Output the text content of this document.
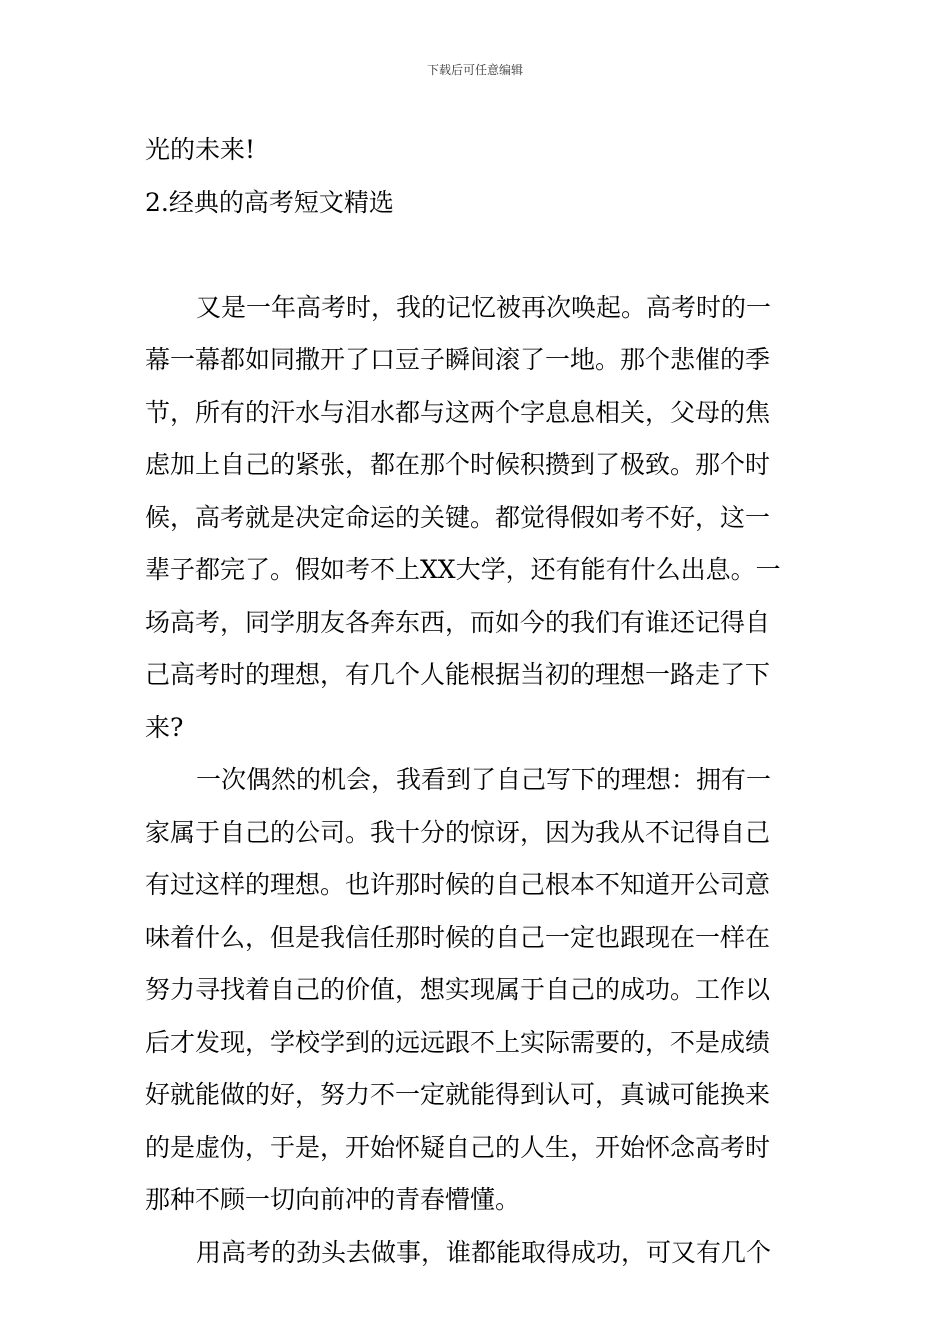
下载后可任意编辑
光的未来!
2.经典的高考短文精选
又是一年高考时，我的记忆被再次唤起。高考时的一
幕一幕都如同撒开了口豆子瞬间滚了一地。那个悲催的季
节，所有的汗水与泪水都与这两个字息息相关，父母的焦
虑加上自己的紧张，都在那个时候积攒到了极致。那个时
候，高考就是决定命运的关键。都觉得假如考不好，这一
辈子都完了。假如考不上XX大学，还有能有什么出息。一
场高考，同学朋友各奔东西，而如今的我们有谁还记得自
己高考时的理想，有几个人能根据当初的理想一路走了下
来?
一次偶然的机会，我看到了自己写下的理想：拥有一
家属于自己的公司。我十分的惊讶，因为我从不记得自己
有过这样的理想。也许那时候的自己根本不知道开公司意
味着什么，但是我信任那时候的自己一定也跟现在一样在
努力寻找着自己的价值，想实现属于自己的成功。工作以
后才发现，学校学到的远远跟不上实际需要的，不是成绩
好就能做的好，努力不一定就能得到认可，真诚可能换来
的是虚伪，于是，开始怀疑自己的人生，开始怀念高考时
那种不顾一切向前冲的青春懵懂。
用高考的劲头去做事，谁都能取得成功，可又有几个
